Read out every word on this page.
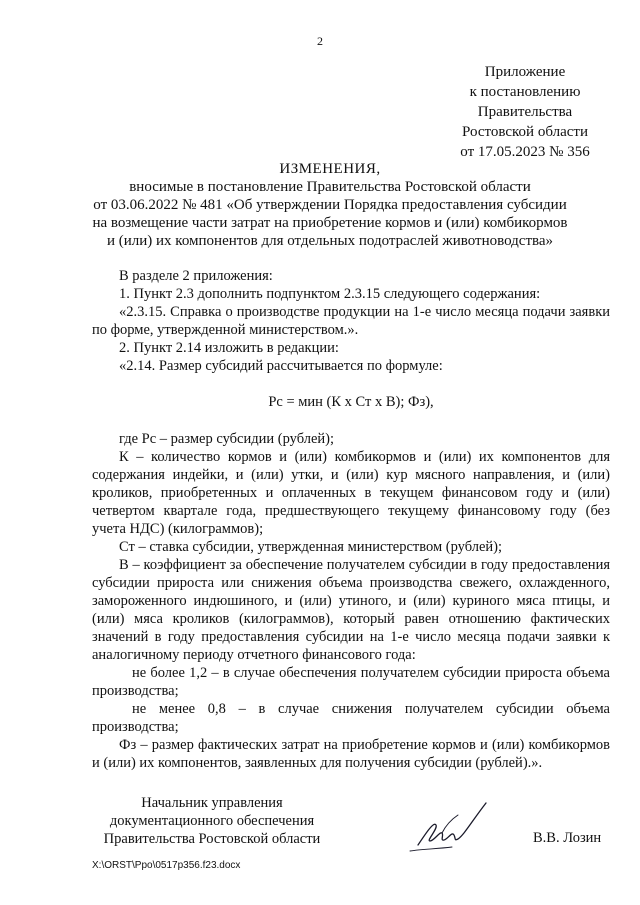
2
Приложение
к постановлению
Правительства
Ростовской области
от 17.05.2023 № 356
ИЗМЕНЕНИЯ,
вносимые в постановление Правительства Ростовской области
от 03.06.2022 № 481 «Об утверждении Порядка предоставления субсидии
на возмещение части затрат на приобретение кормов и (или) комбикормов
и (или) их компонентов для отдельных подотраслей животноводства»

В разделе 2 приложения:

1. Пункт 2.3 дополнить подпунктом 2.3.15 следующего содержания:

«2.3.15. Справка о производстве продукции на 1-е число месяца подачи заявки по форме, утвержденной министерством.».

2. Пункт 2.14 изложить в редакции:

«2.14. Размер субсидий рассчитывается по формуле:

Рс = мин (К х Ст х В); Фз),

где Рс – размер субсидии (рублей);

К – количество кормов и (или) комбикормов и (или) их компонентов для содержания индейки, и (или) утки, и (или) кур мясного направления, и (или) кроликов, приобретенных и оплаченных в текущем финансовом году и (или) четвертом квартале года, предшествующего текущему финансовому году (без учета НДС) (килограммов);

Ст – ставка субсидии, утвержденная министерством (рублей);

В – коэффициент за обеспечение получателем субсидии в году предоставления субсидии прироста или снижения объема производства свежего, охлажденного, замороженного индюшиного, и (или) утиного, и (или) куриного мяса птицы, и (или) мяса кроликов (килограммов), который равен отношению фактических значений в году предоставления субсидии на 1-е число месяца подачи заявки к аналогичному периоду отчетного финансового года:

не более 1,2 – в случае обеспечения получателем субсидии прироста объема производства;

не менее 0,8 – в случае снижения получателем субсидии объема производства;

Фз – размер фактических затрат на приобретение кормов и (или) комбикормов и (или) их компонентов, заявленных для получения субсидии (рублей).».

Начальник управления
документационного обеспечения
Правительства Ростовской области	В.В. Лозин
X:\ORST\Ppo\0517p356.f23.docx
